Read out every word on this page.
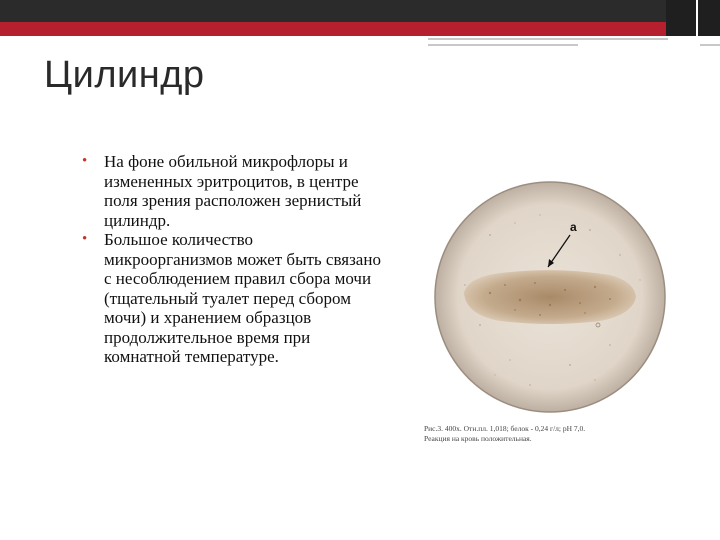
Цилиндр
• На фоне обильной микрофлоры и измененных эритроцитов, в центре поля зрения расположен зернистый цилиндр.
• Большое количество микроорганизмов может быть связано с несоблюдением правил сбора мочи (тщательный туалет перед сбором мочи) и хранением образцов продолжительное время при комнатной температуре.
a
Рис.3. 400х. Отн.пл. 1,018; белок - 0,24 г/л; pH 7,0.
Реакция на кровь положительная.
